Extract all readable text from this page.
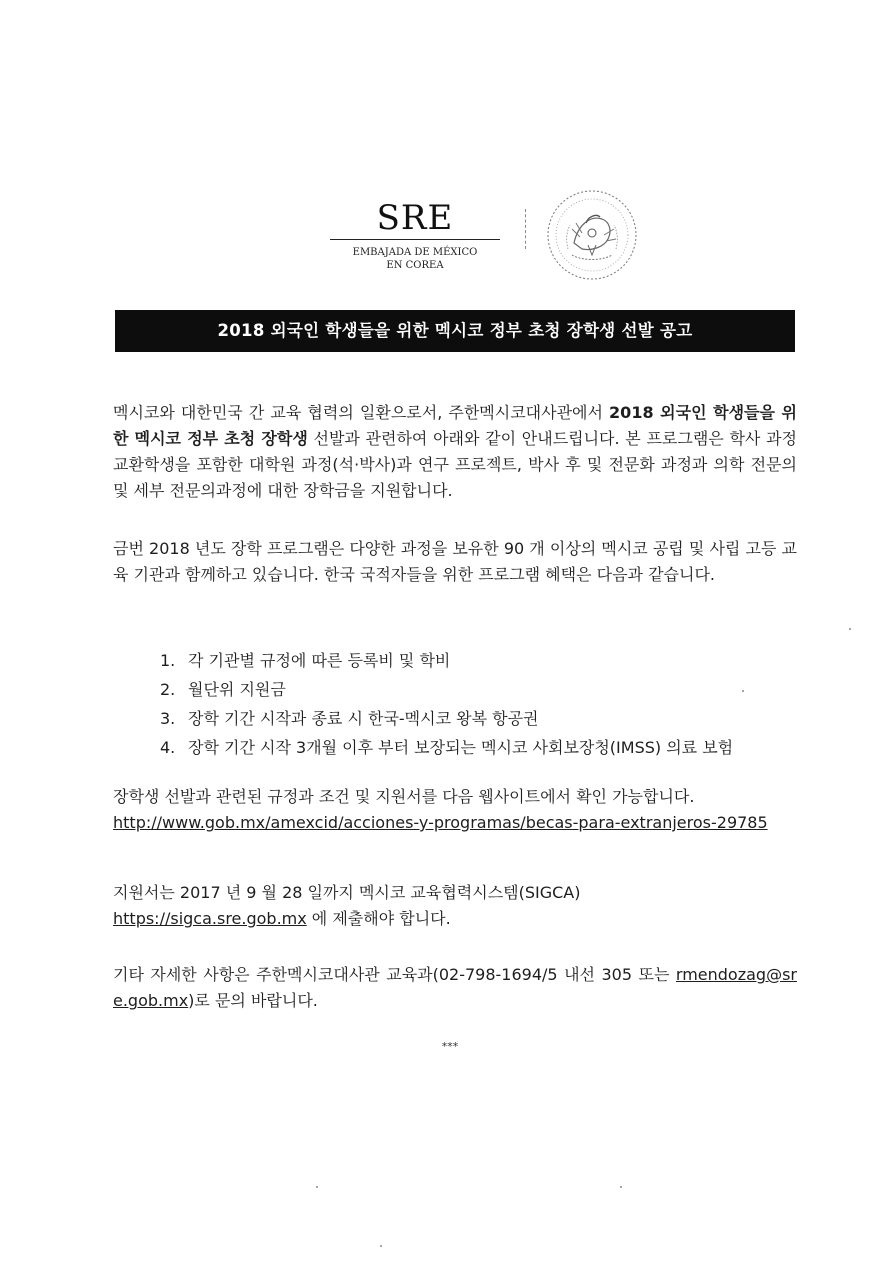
SRE
EMBAJADA DE MÉXICO
EN COREA
2018 외국인 학생들을 위한 멕시코 정부 초청 장학생 선발 공고
멕시코와 대한민국 간 교육 협력의 일환으로서, 주한멕시코대사관에서 2018 외국인 학생들을 위한 멕시코 정부 초청 장학생 선발과 관련하여 아래와 같이 안내드립니다. 본 프로그램은 학사 과정 교환학생을 포함한 대학원 과정(석·박사)과 연구 프로젝트, 박사 후 및 전문화 과정과 의학 전문의 및 세부 전문의과정에 대한 장학금을 지원합니다.
금번 2018 년도 장학 프로그램은 다양한 과정을 보유한 90 개 이상의 멕시코 공립 및 사립 고등 교육 기관과 함께하고 있습니다. 한국 국적자들을 위한 프로그램 혜택은 다음과 같습니다.
1. 각 기관별 규정에 따른 등록비 및 학비
2. 월단위 지원금
3. 장학 기간 시작과 종료 시 한국-멕시코 왕복 항공권
4. 장학 기간 시작 3개월 이후 부터 보장되는 멕시코 사회보장청(IMSS) 의료 보험
장학생 선발과 관련된 규정과 조건 및 지원서를 다음 웹사이트에서 확인 가능합니다.
http://www.gob.mx/amexcid/acciones-y-programas/becas-para-extranjeros-29785
지원서는 2017 년 9 월 28 일까지 멕시코 교육협력시스템(SIGCA)
https://sigca.sre.gob.mx 에 제출해야 합니다.
기타 자세한 사항은 주한멕시코대사관 교육과(02-798-1694/5 내선 305 또는 rmendozag@sre.gob.mx)로 문의 바랍니다.
***
